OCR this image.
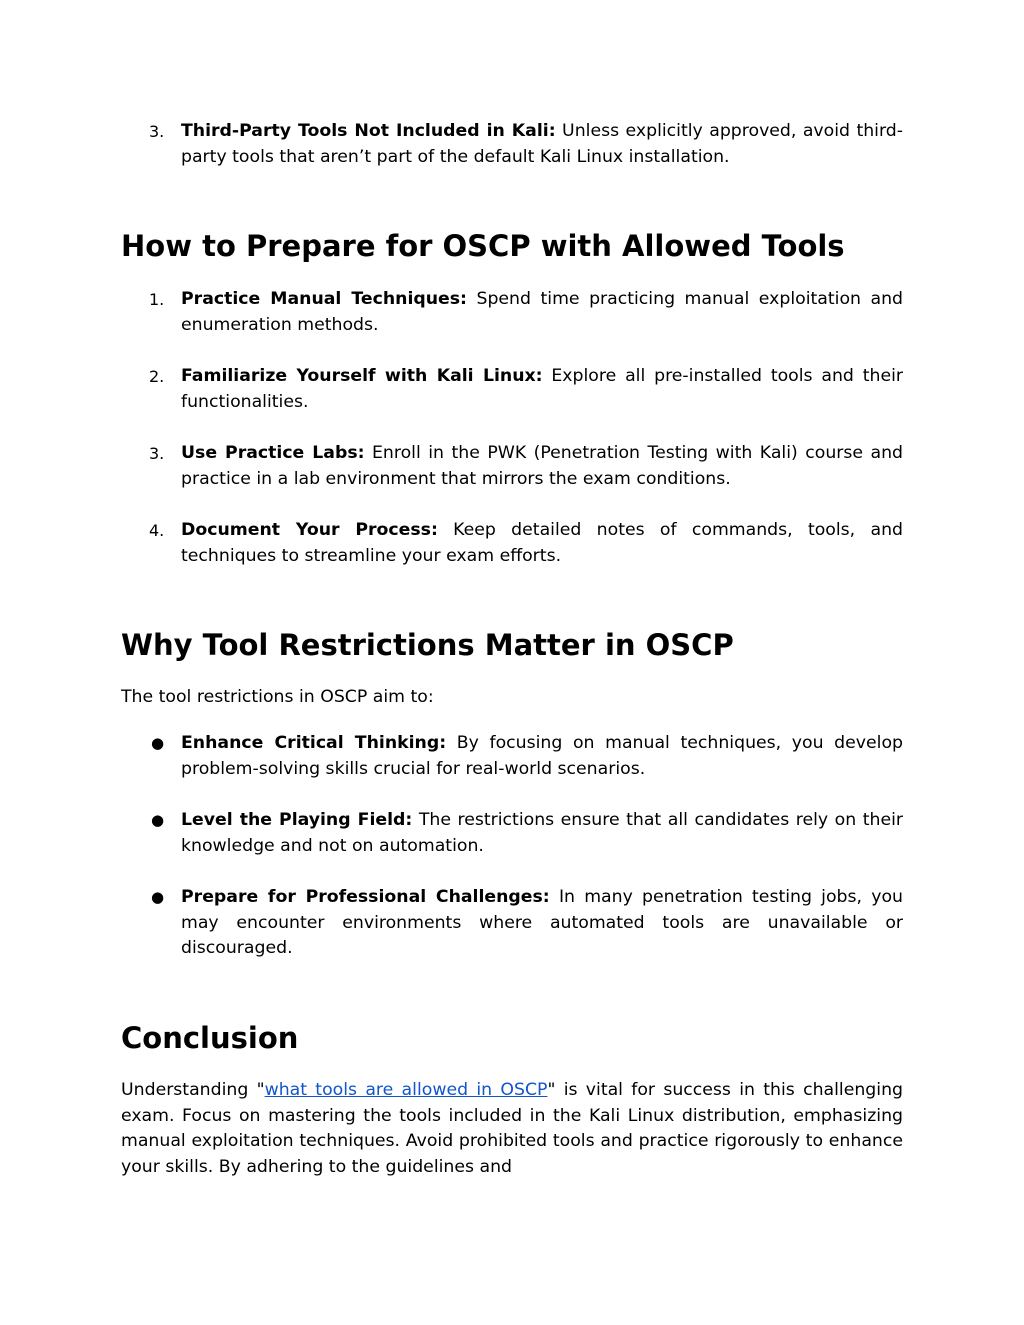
3. Third-Party Tools Not Included in Kali: Unless explicitly approved, avoid third-party tools that aren’t part of the default Kali Linux installation.
How to Prepare for OSCP with Allowed Tools
1. Practice Manual Techniques: Spend time practicing manual exploitation and enumeration methods.
2. Familiarize Yourself with Kali Linux: Explore all pre-installed tools and their functionalities.
3. Use Practice Labs: Enroll in the PWK (Penetration Testing with Kali) course and practice in a lab environment that mirrors the exam conditions.
4. Document Your Process: Keep detailed notes of commands, tools, and techniques to streamline your exam efforts.
Why Tool Restrictions Matter in OSCP

The tool restrictions in OSCP aim to:

● Enhance Critical Thinking: By focusing on manual techniques, you develop problem-solving skills crucial for real-world scenarios.
● Level the Playing Field: The restrictions ensure that all candidates rely on their knowledge and not on automation.
● Prepare for Professional Challenges: In many penetration testing jobs, you may encounter environments where automated tools are unavailable or discouraged.
Conclusion

Understanding "what tools are allowed in OSCP" is vital for success in this challenging exam. Focus on mastering the tools included in the Kali Linux distribution, emphasizing manual exploitation techniques. Avoid prohibited tools and practice rigorously to enhance your skills. By adhering to the guidelines and
